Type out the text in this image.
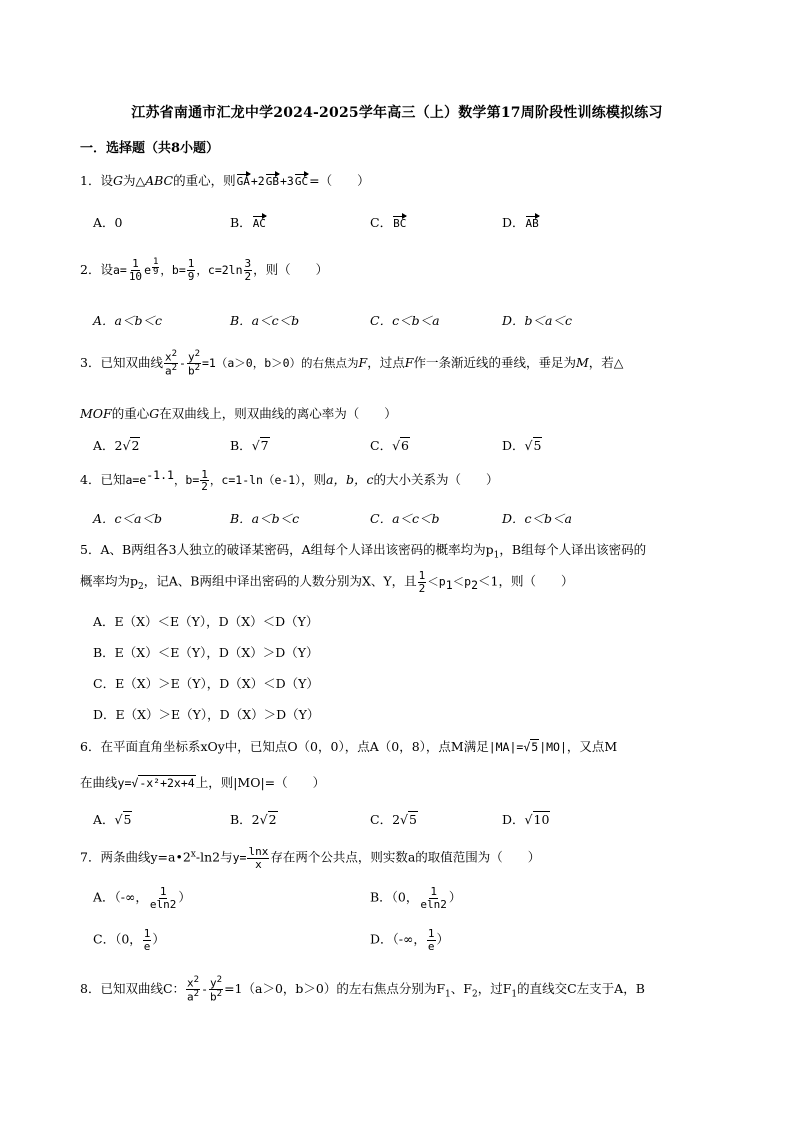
江苏省南通市汇龙中学2024-2025学年高三（上）数学第17周阶段性训练模拟练习
一．选择题（共8小题）
1．设G为△ABC的重心，则GA+2GB+3GC=（　　）
A．0	B．AC	C．BC	D．AB
2．设$a= \frac{1}{10}$ e $\frac{1}{9}$ ，$b= \frac{1}{9}$ ，$c=2\ln \frac{3}{2}$ ，则（　　）
A．a＜b＜c	B．a＜c＜b	C．c＜b＜a	D．b＜a＜c
3．已知双曲线 $\frac{x^2}{a^2} - \frac{y^2}{b^2} =1(a>0$，b＞0）的右焦点为F，过点F作一条渐近线的垂线，垂足为M，若△
MOF的重心G在双曲线上，则双曲线的离心率为（　　）
A．2√2	B．√7	C．√6	D．√5
4．已知$a=e^{-1.1}$，$b= \frac{1}{2}$ ，c=1-ln（e-1），则a，b，c的大小关系为（　　）
A．c＜a＜b	B．a＜b＜c	C．a＜c＜b	D．c＜b＜a
5．A、B两组各3人独立的破译某密码，A组每个人译出该密码的概率均为$p_1$，B组每个人译出该密码的
概率均为$p_2$，记A、B两组中译出密码的人数分别为X、Y，且 $\frac{1}{2} <p_1<p_2<1$，则（　　）
A．E（X）＜E（Y），D（X）＜D（Y）
B．E（X）＜E（Y），D（X）＞D（Y）
C．E（X）＞E（Y），D（X）＜D（Y）
D．E（X）＞E（Y），D（X）＞D（Y）
6．在平面直角坐标系xOy中，已知点O（0，0），点A（0，8），点M满足|MA|=√5|MO|，又点M
在曲线y=√-x²+2x+4上，则|MO|=（　　）
A．√5	B．2√2	C．2√5	D．√10
7．两条曲线$y=a•2^x-\ln 2$与$y= \frac{\ln x}{x}$ 存在两个公共点，则实数a的取值范围为（　　）
A．（-∞， $\frac{1}{eln2}$ ）	B．（0， $\frac{1}{eln2}$ ）
C．（0， $\frac{1}{e}$ ）	D．（-∞， $\frac{1}{e}$ ）
8．已知双曲线C： $\frac{x^2}{a^2} - \frac{y^2}{b^2} =1(a>0$，b＞0）的左右焦点分别为$F_1$、$F_2$，过$F_1$的直线交C左支于A，B
